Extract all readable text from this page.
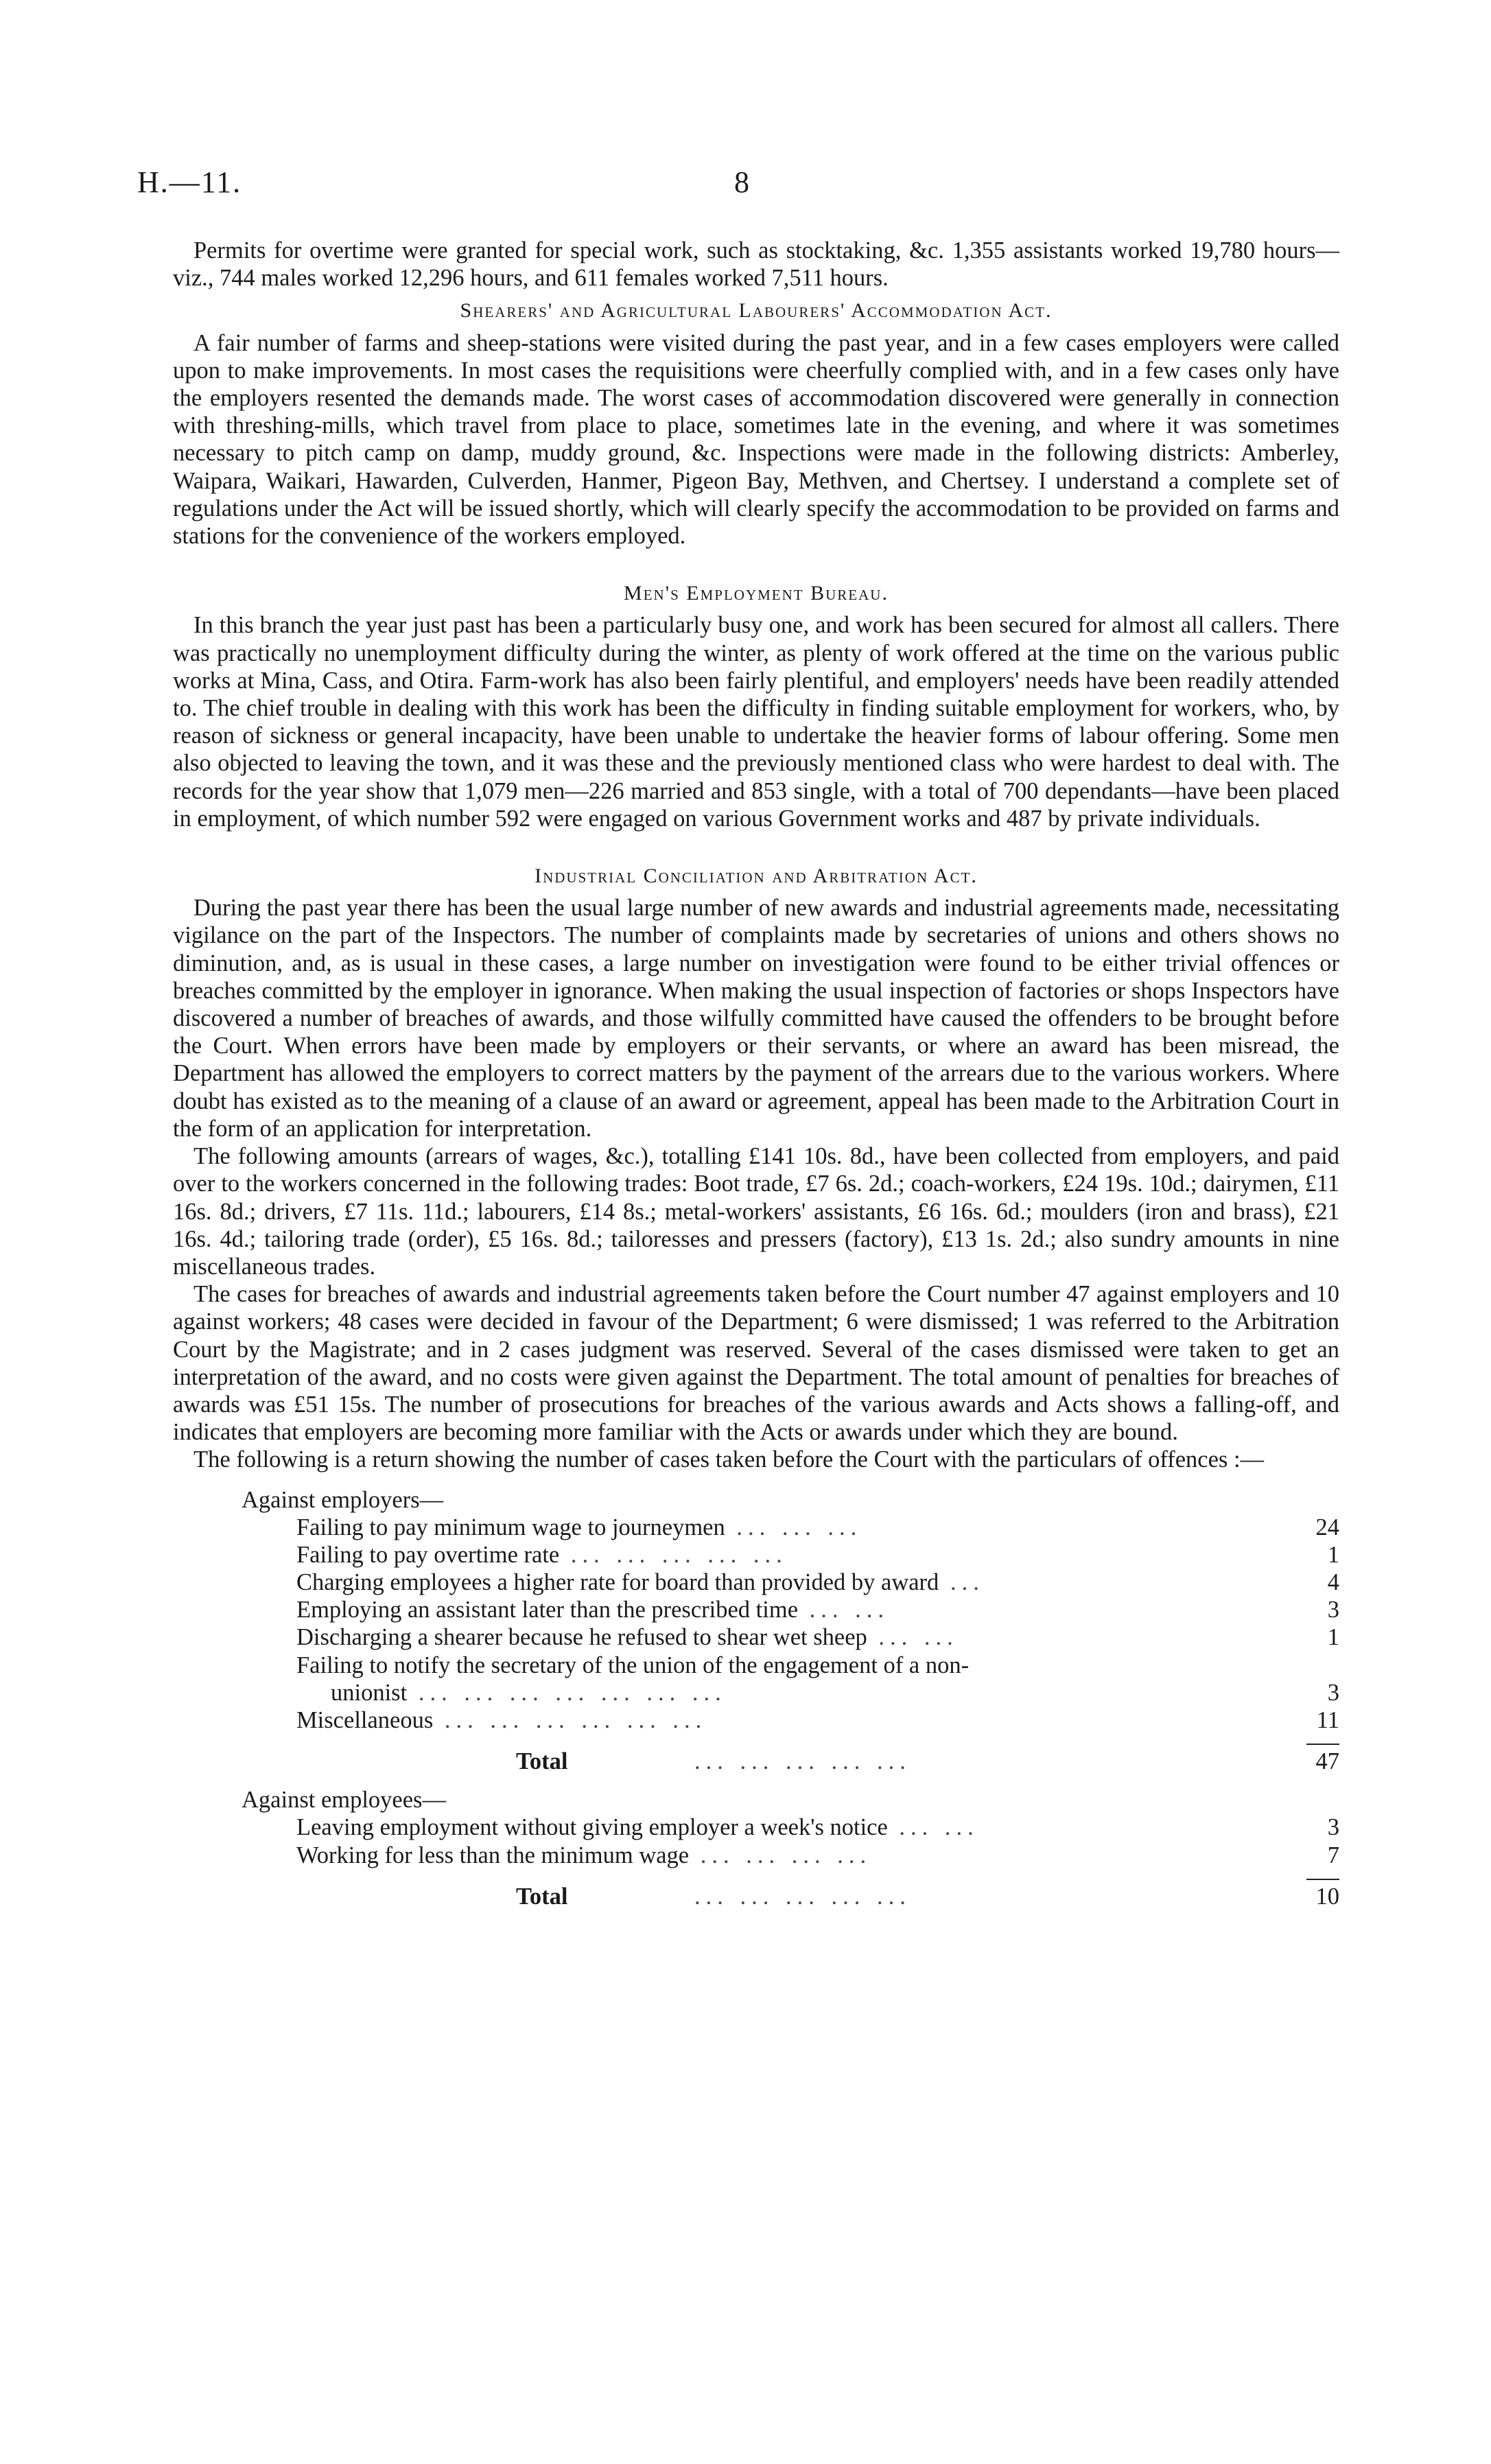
H.—11.	8

Permits for overtime were granted for special work, such as stocktaking, &c. 1,355 assistants worked 19,780 hours—viz., 744 males worked 12,296 hours, and 611 females worked 7,511 hours.

Shearers' and Agricultural Labourers' Accommodation Act.

A fair number of farms and sheep-stations were visited during the past year, and in a few cases employers were called upon to make improvements. In most cases the requisitions were cheerfully complied with, and in a few cases only have the employers resented the demands made. The worst cases of accommodation discovered were generally in connection with threshing-mills, which travel from place to place, sometimes late in the evening, and where it was sometimes necessary to pitch camp on damp, muddy ground, &c. Inspections were made in the following districts: Amberley, Waipara, Waikari, Hawarden, Culverden, Hanmer, Pigeon Bay, Methven, and Chertsey. I understand a complete set of regulations under the Act will be issued shortly, which will clearly specify the accommodation to be provided on farms and stations for the convenience of the workers employed.

Men's Employment Bureau.

In this branch the year just past has been a particularly busy one, and work has been secured for almost all callers. There was practically no unemployment difficulty during the winter, as plenty of work offered at the time on the various public works at Mina, Cass, and Otira. Farm-work has also been fairly plentiful, and employers' needs have been readily attended to. The chief trouble in dealing with this work has been the difficulty in finding suitable employment for workers, who, by reason of sickness or general incapacity, have been unable to undertake the heavier forms of labour offering. Some men also objected to leaving the town, and it was these and the previously mentioned class who were hardest to deal with. The records for the year show that 1,079 men—226 married and 853 single, with a total of 700 dependants—have been placed in employment, of which number 592 were engaged on various Government works and 487 by private individuals.

Industrial Conciliation and Arbitration Act.

During the past year there has been the usual large number of new awards and industrial agreements made, necessitating vigilance on the part of the Inspectors. The number of complaints made by secretaries of unions and others shows no diminution, and, as is usual in these cases, a large number on investigation were found to be either trivial offences or breaches committed by the employer in ignorance. When making the usual inspection of factories or shops Inspectors have discovered a number of breaches of awards, and those wilfully committed have caused the offenders to be brought before the Court. When errors have been made by employers or their servants, or where an award has been misread, the Department has allowed the employers to correct matters by the payment of the arrears due to the various workers. Where doubt has existed as to the meaning of a clause of an award or agreement, appeal has been made to the Arbitration Court in the form of an application for interpretation.

The following amounts (arrears of wages, &c.), totalling £141 10s. 8d., have been collected from employers, and paid over to the workers concerned in the following trades: Boot trade, £7 6s. 2d.; coach-workers, £24 19s. 10d.; dairymen, £11 16s. 8d.; drivers, £7 11s. 11d.; labourers, £14 8s.; metal-workers' assistants, £6 16s. 6d.; moulders (iron and brass), £21 16s. 4d.; tailoring trade (order), £5 16s. 8d.; tailoresses and pressers (factory), £13 1s. 2d.; also sundry amounts in nine miscellaneous trades.

The cases for breaches of awards and industrial agreements taken before the Court number 47 against employers and 10 against workers; 48 cases were decided in favour of the Department; 6 were dismissed; 1 was referred to the Arbitration Court by the Magistrate; and in 2 cases judgment was reserved. Several of the cases dismissed were taken to get an interpretation of the award, and no costs were given against the Department. The total amount of penalties for breaches of awards was £51 15s. The number of prosecutions for breaches of the various awards and Acts shows a falling-off, and indicates that employers are becoming more familiar with the Acts or awards under which they are bound.

The following is a return showing the number of cases taken before the Court with the particulars of offences :—

Against employers—
Failing to pay minimum wage to journeymen ... ... ...	24
Failing to pay overtime rate ... ... ... ... ...	1
Charging employees a higher rate for board than provided by award ...	4
Employing an assistant later than the prescribed time ... ...	3
Discharging a shearer because he refused to shear wet sheep ... ...	1
Failing to notify the secretary of the union of the engagement of a non-
unionist ... ... ... ... ... ... ...	3
Miscellaneous ... ... ... ... ... ...	11
Total	... ... ... ... ...	47
Against employees—
Leaving employment without giving employer a week's notice ... ...	3
Working for less than the minimum wage ... ... ... ...	7
Total	... ... ... ... ...	10
